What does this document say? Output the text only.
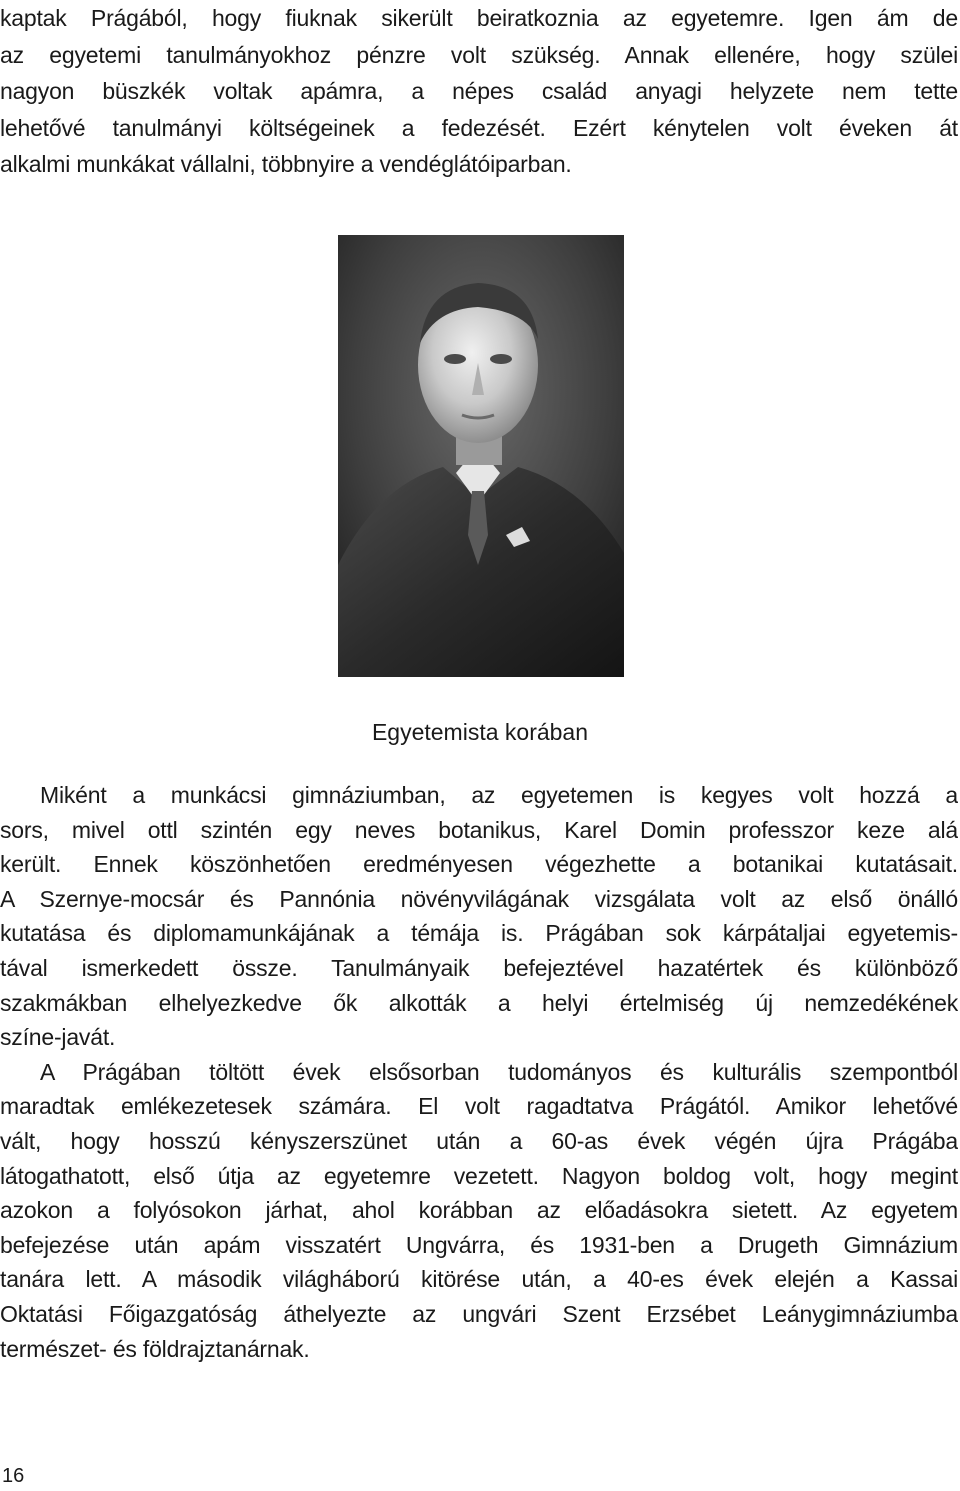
kaptak Prágából, hogy fiuknak sikerült beiratkoznia az egyetemre. Igen ám de
az egyetemi tanulmányokhoz pénzre volt szükség. Annak ellenére, hogy szülei
nagyon büszkék voltak apámra, a népes család anyagi helyzete nem tette
lehetővé tanulmányi költségeinek a fedezését. Ezért kénytelen volt éveken át
alkalmi munkákat vállalni, többnyire a vendéglátóiparban.

Egyetemista korában

Miként a munkácsi gimnáziumban, az egyetemen is kegyes volt hozzá a
sors, mivel ottl szintén egy neves botanikus, Karel Domin professzor keze alá
került. Ennek köszönhetően eredményesen végezhette a botanikai kutatásait.
A Szernye-mocsár és Pannónia növényvilágának vizsgálata volt az első önálló
kutatása és diplomamunkájának a témája is. Prágában sok kárpátaljai egyetemis-
tával ismerkedett össze. Tanulmányaik befejeztével hazatértek és különböző
szakmákban elhelyezkedve ők alkották a helyi értelmiség új nemzedékének
színe-javát.
A Prágában töltött évek elsősorban tudományos és kulturális szempontból
maradtak emlékezetesek számára. El volt ragadtatva Prágától. Amikor lehetővé
vált, hogy hosszú kényszerszünet után a 60-as évek végén újra Prágába
látogathatott, első útja az egyetemre vezetett. Nagyon boldog volt, hogy megint
azokon a folyósokon járhat, ahol korábban az előadásokra sietett. Az egyetem
befejezése után apám visszatért Ungvárra, és 1931-ben a Drugeth Gimnázium
tanára lett. A második világháború kitörése után, a 40-es évek elején a Kassai
Oktatási Főigazgatóság áthelyezte az ungvári Szent Erzsébet Leánygimnáziumba
természet- és földrajztanárnak.

16
